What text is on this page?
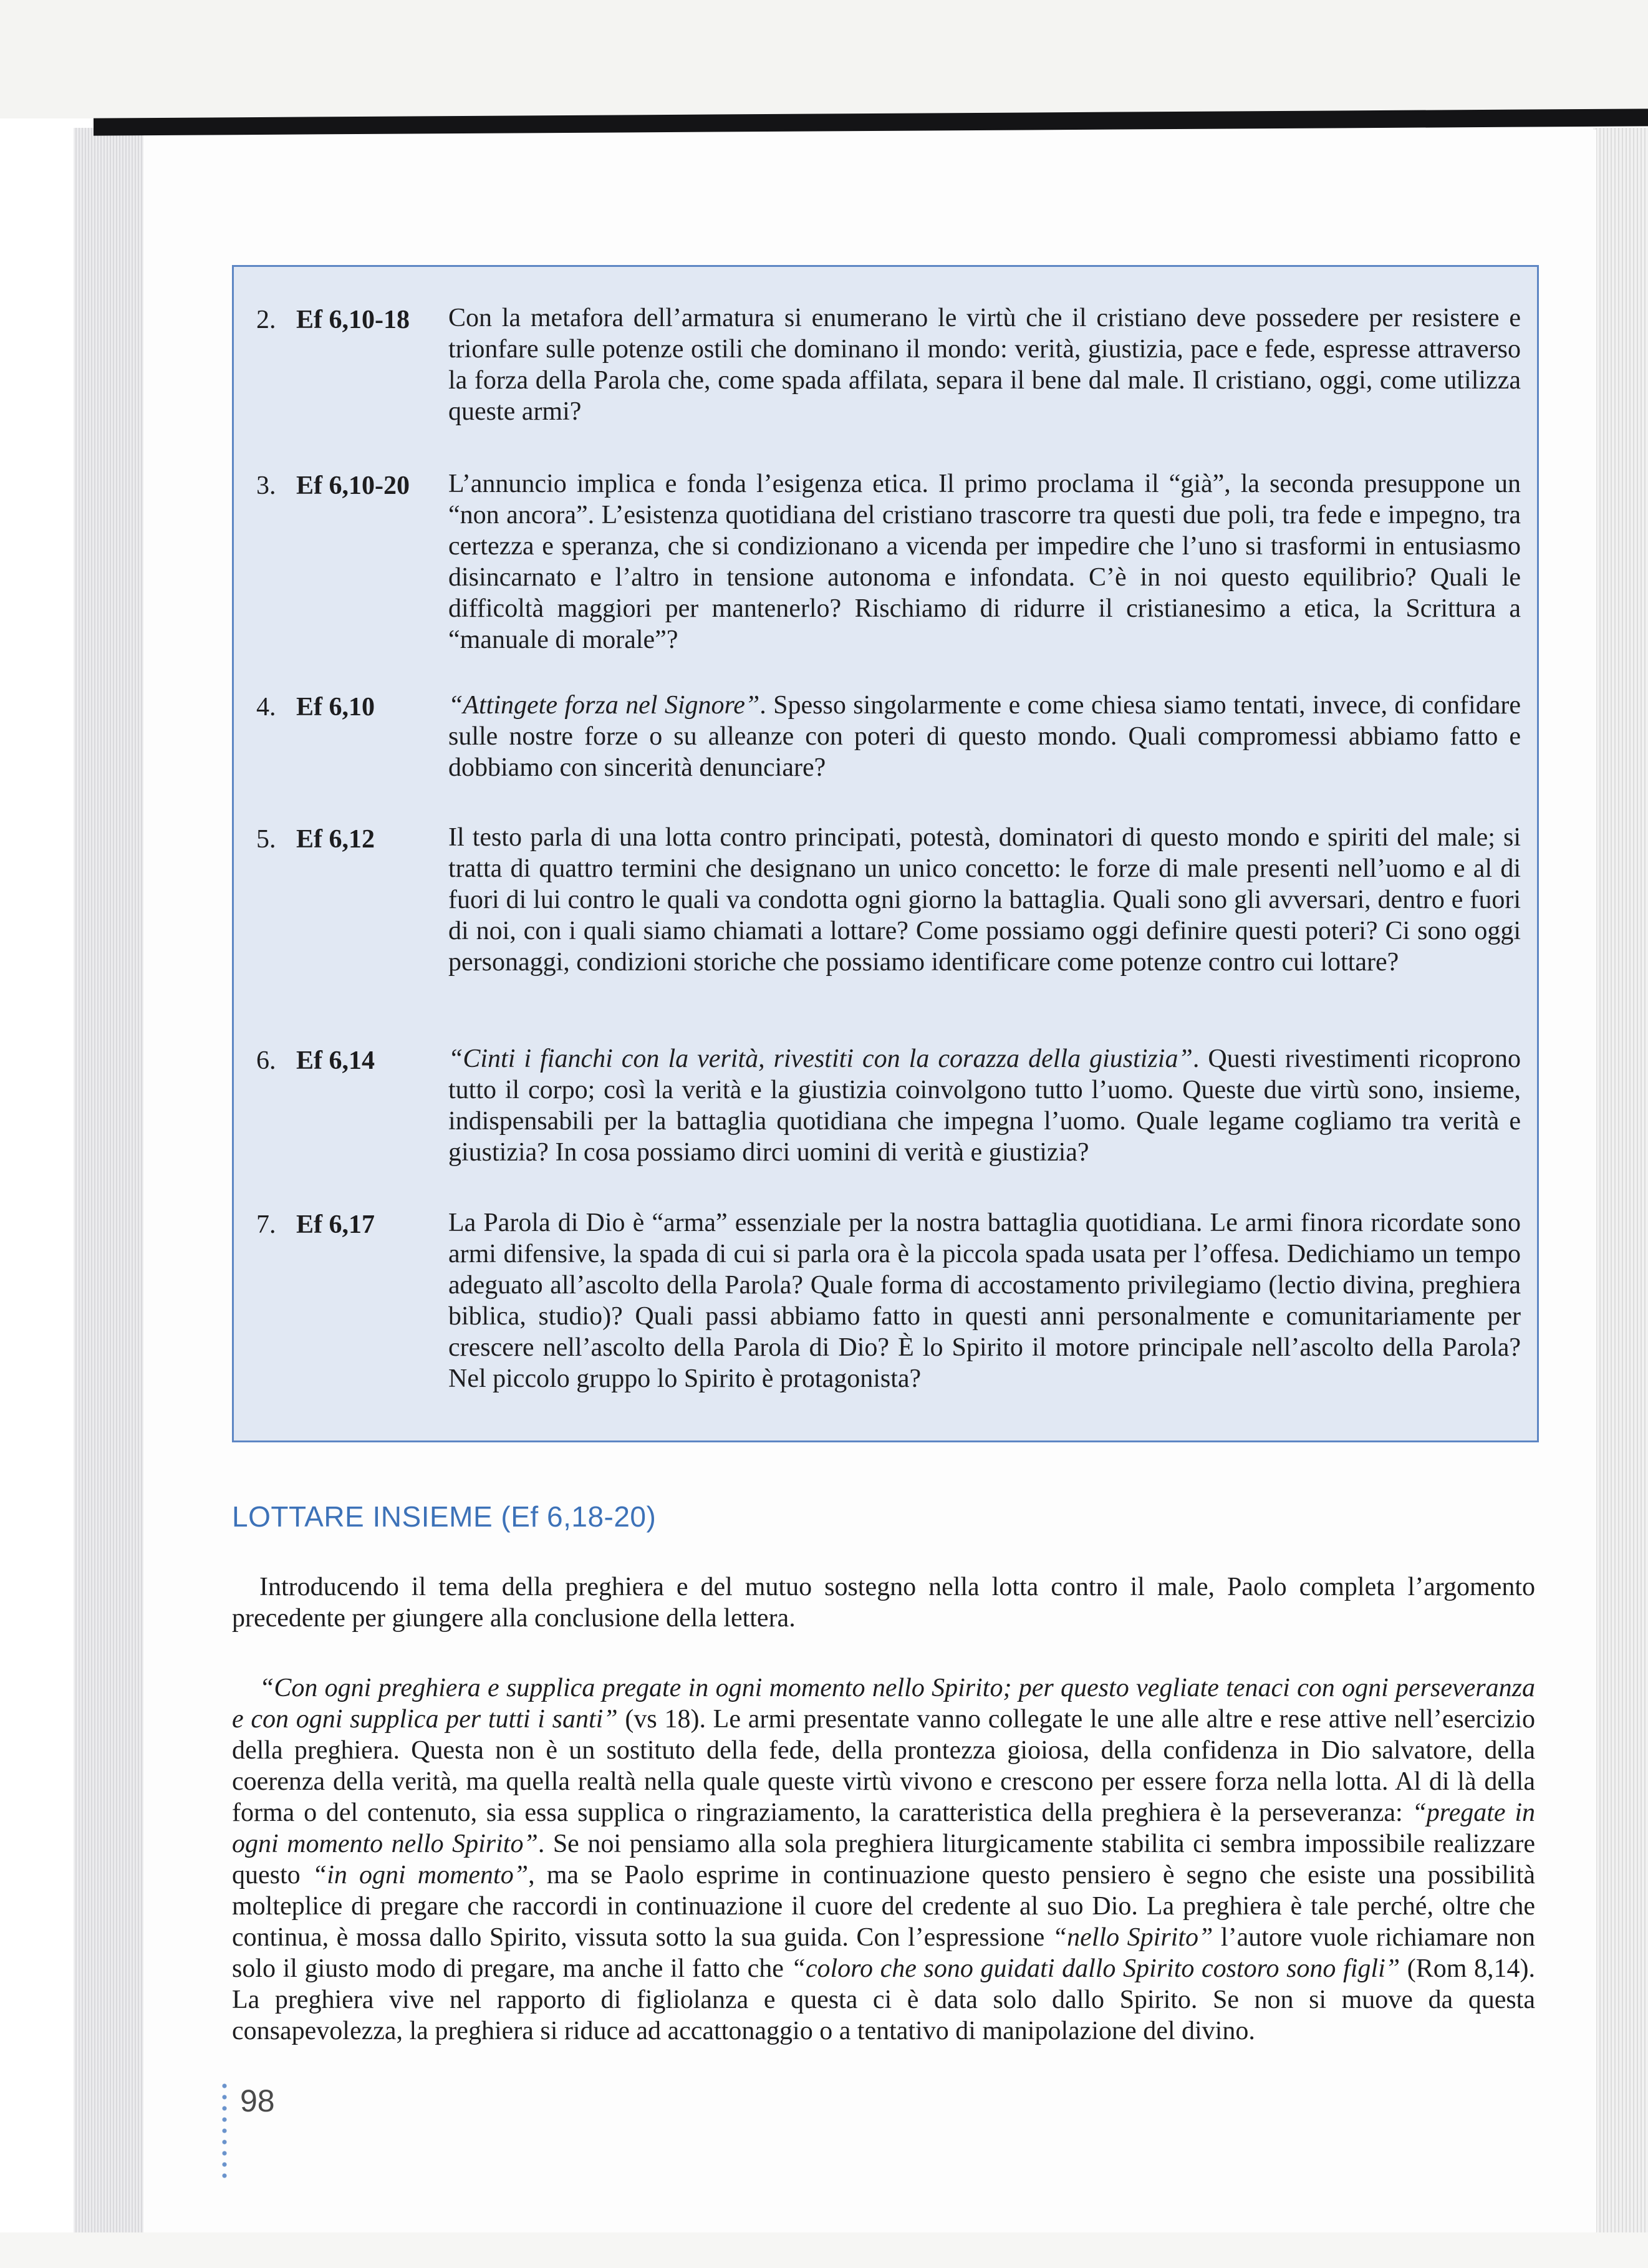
2. Ef 6,10-18 Con la metafora dell’armatura si enumerano le virtù che il cristiano deve possedere per resistere e trionfare sulle potenze ostili che dominano il mondo: verità, giustizia, pace e fede, espresse attraverso la forza della Parola che, come spada affilata, separa il bene dal male. Il cristiano, oggi, come utilizza queste armi?
3. Ef 6,10-20 L’annuncio implica e fonda l’esigenza etica. Il primo proclama il “già”, la seconda presuppone un “non ancora”. L’esistenza quotidiana del cristiano trascorre tra questi due poli, tra fede e impegno, tra certezza e speranza, che si condizionano a vicenda per impedire che l’uno si trasformi in entusiasmo disincarnato e l’altro in tensione autonoma e infondata. C’è in noi questo equilibrio? Quali le difficoltà maggiori per mantenerlo? Rischiamo di ridurre il cristianesimo a etica, la Scrittura a “manuale di morale”?
4. Ef 6,10	“Attingete forza nel Signore”. Spesso singolarmente e come chiesa siamo tentati, invece, di confidare sulle nostre forze o su alleanze con poteri di questo mondo. Quali compromessi abbiamo fatto e dobbiamo con sincerità denunciare?
5. Ef 6,12	Il testo parla di una lotta contro principati, potestà, dominatori di questo mondo e spiriti del male; si tratta di quattro termini che designano un unico concetto: le forze di male presenti nell’uomo e al di fuori di lui contro le quali va condotta ogni giorno la battaglia. Quali sono gli avversari, dentro e fuori di noi, con i quali siamo chiamati a lottare? Come possiamo oggi definire questi poteri? Ci sono oggi personaggi, condizioni storiche che possiamo identificare come potenze contro cui lottare?
6. Ef 6,14	“Cinti i fianchi con la verità, rivestiti con la corazza della giustizia”. Questi rivestimenti ricoprono tutto il corpo; così la verità e la giustizia coinvolgono tutto l’uomo. Queste due virtù sono, insieme, indispensabili per la battaglia quotidiana che impegna l’uomo. Quale legame cogliamo tra verità e giustizia? In cosa possiamo dirci uomini di verità e giustizia?
7. Ef 6,17	La Parola di Dio è “arma” essenziale per la nostra battaglia quotidiana. Le armi finora ricordate sono armi difensive, la spada di cui si parla ora è la piccola spada usata per l’offesa. Dedichiamo un tempo adeguato all’ascolto della Parola? Quale forma di accostamento privilegiamo (lectio divina, preghiera biblica, studio)? Quali passi abbiamo fatto in questi anni personalmente e comunitariamente per crescere nell’ascolto della Parola di Dio? È lo Spirito il motore principale nell’ascolto della Parola? Nel piccolo gruppo lo Spirito è protagonista?
LOTTARE INSIEME (Ef 6,18-20)
Introducendo il tema della preghiera e del mutuo sostegno nella lotta contro il male, Paolo completa l’argomento precedente per giungere alla conclusione della lettera.
“Con ogni preghiera e supplica pregate in ogni momento nello Spirito; per questo vegliate tenaci con ogni perseveranza e con ogni supplica per tutti i santi” (vs 18). Le armi presentate vanno collegate le une alle altre e rese attive nell’esercizio della preghiera. Questa non è un sostituto della fede, della prontezza gioiosa, della confidenza in Dio salvatore, della coerenza della verità, ma quella realtà nella quale queste virtù vivono e crescono per essere forza nella lotta. Al di là della forma o del contenuto, sia essa supplica o ringraziamento, la caratteristica della preghiera è la perseveranza: “pregate in ogni momento nello Spirito”. Se noi pensiamo alla sola preghiera liturgicamente stabilita ci sembra impossibile realizzare questo “in ogni momento”, ma se Paolo esprime in continuazione questo pensiero è segno che esiste una possibilità molteplice di pregare che raccordi in continuazione il cuore del credente al suo Dio. La preghiera è tale perché, oltre che continua, è mossa dallo Spirito, vissuta sotto la sua guida. Con l’espressione “nello Spirito” l’autore vuole richiamare non solo il giusto modo di pregare, ma anche il fatto che “coloro che sono guidati dallo Spirito costoro sono figli” (Rom 8,14). La preghiera vive nel rapporto di figliolanza e questa ci è data solo dallo Spirito. Se non si muove da questa consapevolezza, la preghiera si riduce ad accattonaggio o a tentativo di manipolazione del divino.
98
